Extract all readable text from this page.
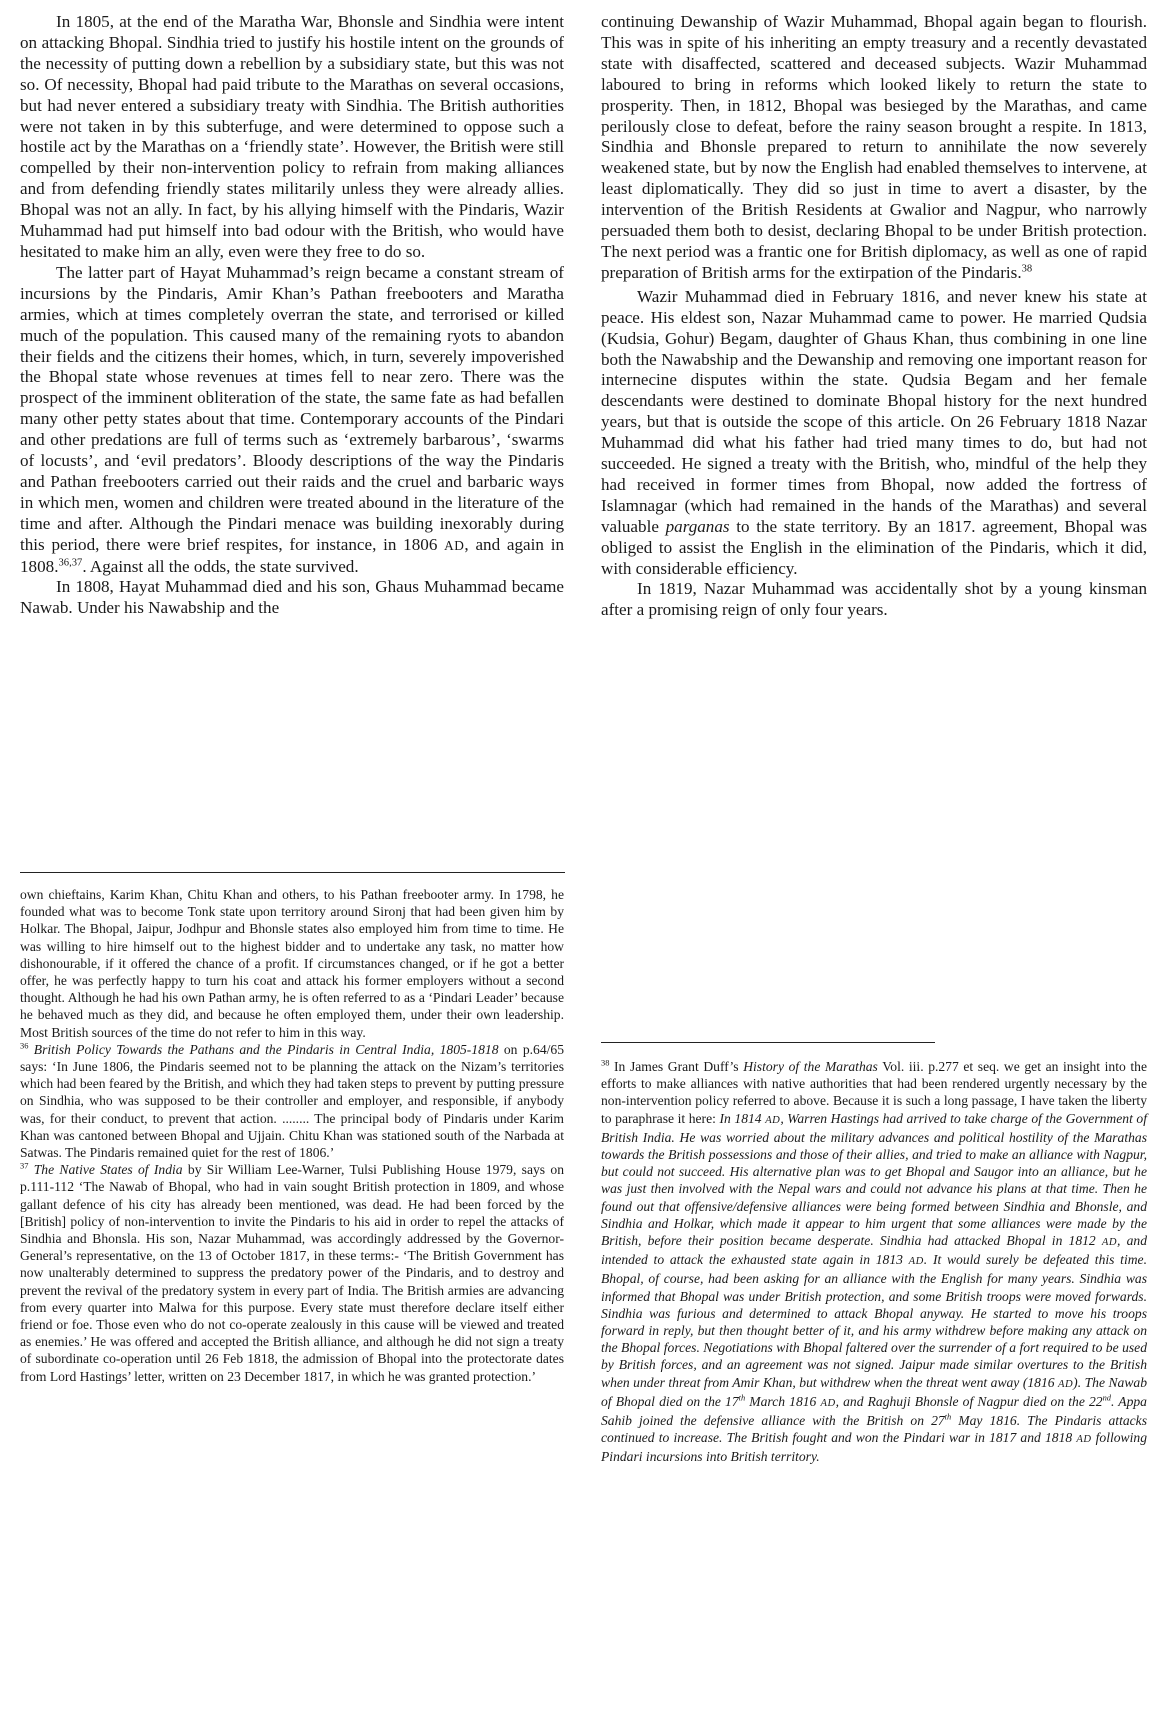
In 1805, at the end of the Maratha War, Bhonsle and Sindhia were intent on attacking Bhopal. Sindhia tried to justify his hostile intent on the grounds of the necessity of putting down a rebellion by a subsidiary state, but this was not so. Of necessity, Bhopal had paid tribute to the Marathas on several occasions, but had never entered a subsidiary treaty with Sindhia. The British authorities were not taken in by this subterfuge, and were determined to oppose such a hostile act by the Marathas on a ‘friendly state’. However, the British were still compelled by their non-intervention policy to refrain from making alliances and from defending friendly states militarily unless they were already allies. Bhopal was not an ally. In fact, by his allying himself with the Pindaris, Wazir Muhammad had put himself into bad odour with the British, who would have hesitated to make him an ally, even were they free to do so.

The latter part of Hayat Muhammad’s reign became a constant stream of incursions by the Pindaris, Amir Khan’s Pathan freebooters and Maratha armies, which at times completely overran the state, and terrorised or killed much of the population. This caused many of the remaining ryots to abandon their fields and the citizens their homes, which, in turn, severely impoverished the Bhopal state whose revenues at times fell to near zero. There was the prospect of the imminent obliteration of the state, the same fate as had befallen many other petty states about that time. Contemporary accounts of the Pindari and other predations are full of terms such as ‘extremely barbarous’, ‘swarms of locusts’, and ‘evil predators’. Bloody descriptions of the way the Pindaris and Pathan freebooters carried out their raids and the cruel and barbaric ways in which men, women and children were treated abound in the literature of the time and after. Although the Pindari menace was building inexorably during this period, there were brief respites, for instance, in 1806 AD, and again in 1808.$^{36,37}$. Against all the odds, the state survived.

In 1808, Hayat Muhammad died and his son, Ghaus Muhammad became Nawab. Under his Nawabship and the

continuing Dewanship of Wazir Muhammad, Bhopal again began to flourish. This was in spite of his inheriting an empty treasury and a recently devastated state with disaffected, scattered and deceased subjects. Wazir Muhammad laboured to bring in reforms which looked likely to return the state to prosperity. Then, in 1812, Bhopal was besieged by the Marathas, and came perilously close to defeat, before the rainy season brought a respite. In 1813, Sindhia and Bhonsle prepared to return to annihilate the now severely weakened state, but by now the English had enabled themselves to intervene, at least diplomatically. They did so just in time to avert a disaster, by the intervention of the British Residents at Gwalior and Nagpur, who narrowly persuaded them both to desist, declaring Bhopal to be under British protection. The next period was a frantic one for British diplomacy, as well as one of rapid preparation of British arms for the extirpation of the Pindaris.$^{38}$

Wazir Muhammad died in February 1816, and never knew his state at peace. His eldest son, Nazar Muhammad came to power. He married Qudsia (Kudsia, Gohur) Begam, daughter of Ghaus Khan, thus combining in one line both the Nawabship and the Dewanship and removing one important reason for internecine disputes within the state. Qudsia Begam and her female descendants were destined to dominate Bhopal history for the next hundred years, but that is outside the scope of this article. On 26 February 1818 Nazar Muhammad did what his father had tried many times to do, but had not succeeded. He signed a treaty with the British, who, mindful of the help they had received in former times from Bhopal, now added the fortress of Islamnagar (which had remained in the hands of the Marathas) and several valuable parganas to the state territory. By an 1817. agreement, Bhopal was obliged to assist the English in the elimination of the Pindaris, which it did, with considerable efficiency.

In 1819, Nazar Muhammad was accidentally shot by a young kinsman after a promising reign of only four years.

own chieftains, Karim Khan, Chitu Khan and others, to his Pathan freebooter army. In 1798, he founded what was to become Tonk state upon territory around Sironj that had been given him by Holkar. The Bhopal, Jaipur, Jodhpur and Bhonsle states also employed him from time to time. He was willing to hire himself out to the highest bidder and to undertake any task, no matter how dishonourable, if it offered the chance of a profit. If circumstances changed, or if he got a better offer, he was perfectly happy to turn his coat and attack his former employers without a second thought. Although he had his own Pathan army, he is often referred to as a ‘Pindari Leader’ because he behaved much as they did, and because he often employed them, under their own leadership. Most British sources of the time do not refer to him in this way.

$^{36}$ British Policy Towards the Pathans and the Pindaris in Central India, 1805-1818 on p.64/65 says: ‘In June 1806, the Pindaris seemed not to be planning the attack on the Nizam’s territories which had been feared by the British, and which they had taken steps to prevent by putting pressure on Sindhia, who was supposed to be their controller and employer, and responsible, if anybody was, for their conduct, to prevent that action. ........ The principal body of Pindaris under Karim Khan was cantoned between Bhopal and Ujjain. Chitu Khan was stationed south of the Narbada at Satwas. The Pindaris remained quiet for the rest of 1806.’

$^{37}$ The Native States of India by Sir William Lee-Warner, Tulsi Publishing House 1979, says on p.111-112 ‘The Nawab of Bhopal, who had in vain sought British protection in 1809, and whose gallant defence of his city has already been mentioned, was dead. He had been forced by the [British] policy of non-intervention to invite the Pindaris to his aid in order to repel the attacks of Sindhia and Bhonsla. His son, Nazar Muhammad, was accordingly addressed by the Governor-General’s representative, on the 13 of October 1817, in these terms:- ‘The British Government has now unalterably determined to suppress the predatory power of the Pindaris, and to destroy and prevent the revival of the predatory system in every part of India. The British armies are advancing from every quarter into Malwa for this purpose. Every state must therefore declare itself either friend or foe. Those even who do not co-operate zealously in this cause will be viewed and treated as enemies.’ He was offered and accepted the British alliance, and although he did not sign a treaty of subordinate co-operation until 26 Feb 1818, the admission of Bhopal into the protectorate dates from Lord Hastings’ letter, written on 23 December 1817, in which he was granted protection.’

$^{38}$ In James Grant Duff’s History of the Marathas Vol. iii. p.277 et seq. we get an insight into the efforts to make alliances with native authorities that had been rendered urgently necessary by the non-intervention policy referred to above. Because it is such a long passage, I have taken the liberty to paraphrase it here: In 1814 AD, Warren Hastings had arrived to take charge of the Government of British India. He was worried about the military advances and political hostility of the Marathas towards the British possessions and those of their allies, and tried to make an alliance with Nagpur, but could not succeed. His alternative plan was to get Bhopal and Saugor into an alliance, but he was just then involved with the Nepal wars and could not advance his plans at that time. Then he found out that offensive/defensive alliances were being formed between Sindhia and Bhonsle, and Sindhia and Holkar, which made it appear to him urgent that some alliances were made by the British, before their position became desperate. Sindhia had attacked Bhopal in 1812 AD, and intended to attack the exhausted state again in 1813 AD. It would surely be defeated this time. Bhopal, of course, had been asking for an alliance with the English for many years. Sindhia was informed that Bhopal was under British protection, and some British troops were moved forwards. Sindhia was furious and determined to attack Bhopal anyway. He started to move his troops forward in reply, but then thought better of it, and his army withdrew before making any attack on the Bhopal forces. Negotiations with Bhopal faltered over the surrender of a fort required to be used by British forces, and an agreement was not signed. Jaipur made similar overtures to the British when under threat from Amir Khan, but withdrew when the threat went away (1816 AD). The Nawab of Bhopal died on the 17th March 1816 AD, and Raghuji Bhonsle of Nagpur died on the 22nd. Appa Sahib joined the defensive alliance with the British on 27th May 1816. The Pindaris attacks continued to increase. The British fought and won the Pindari war in 1817 and 1818 AD following Pindari incursions into British territory.
